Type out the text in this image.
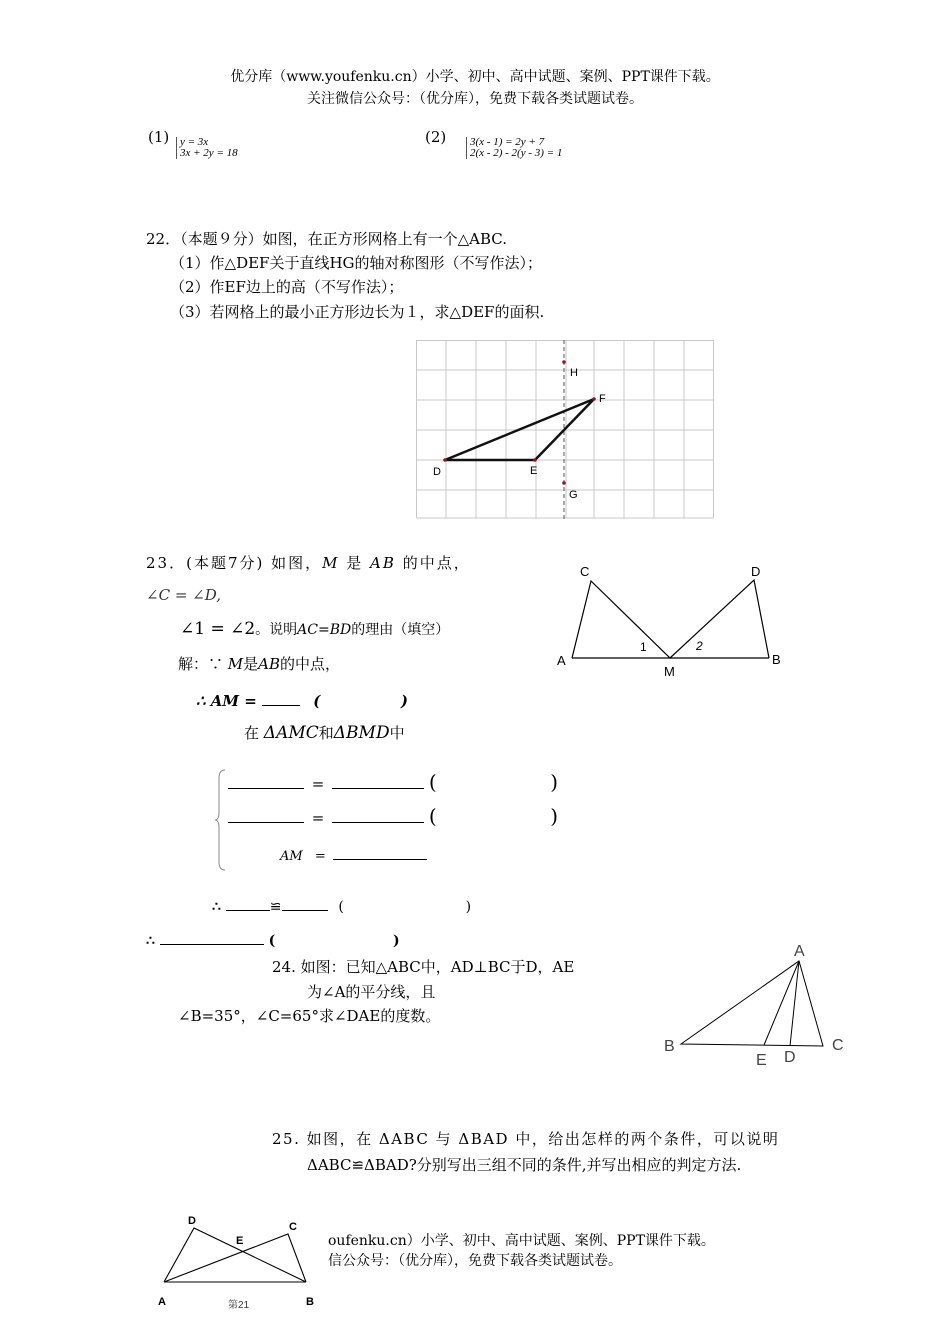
优分库（www.youfenku.cn）小学、初中、高中试题、案例、PPT课件下载。
关注微信公众号：（优分库），免费下载各类试题试卷。
(1) y = 3x
3x + 2y = 18
(2) 3(x - 1) = 2y + 7
2(x - 2) - 2(y - 3) = 1
22．（本题９分）如图，在正方形网格上有一个△ABC.
（1）作△DEF关于直线HG的轴对称图形（不写作法）；
（2）作EF边上的高（不写作法）；
（3）若网格上的最小正方形边长为１，求△DEF的面积.
H
F
D	E
G
23．(本题7分) 如图，M 是 AB 的中点，
∠C = ∠D,
∠1 = ∠2。说明AC=BD的理由（填空）
解：∵ M是AB的中点，
∴ AM =	(	)
在 ΔAMC和ΔBMD中
=	(	)
=	(	)
AM =
∴	≌	(	)
∴	(	)
C	D
A	B
M
1	2
24. 如图：已知△ABC中，AD⊥BC于D，AE
为∠A的平分线，且
∠B=35°，∠C=65°求∠DAE的度数。
A
B	C
E D
25. 如图，在 ΔABC 与 ΔBAD 中，给出怎样的两个条件，可以说明
ΔABC≌ΔBAD?分别写出三组不同的条件,并写出相应的判定方法.
D	C
E
A	B
第21
oufenku.cn）小学、初中、高中试题、案例、PPT课件下载。
信公众号：（优分库），免费下载各类试题试卷。
